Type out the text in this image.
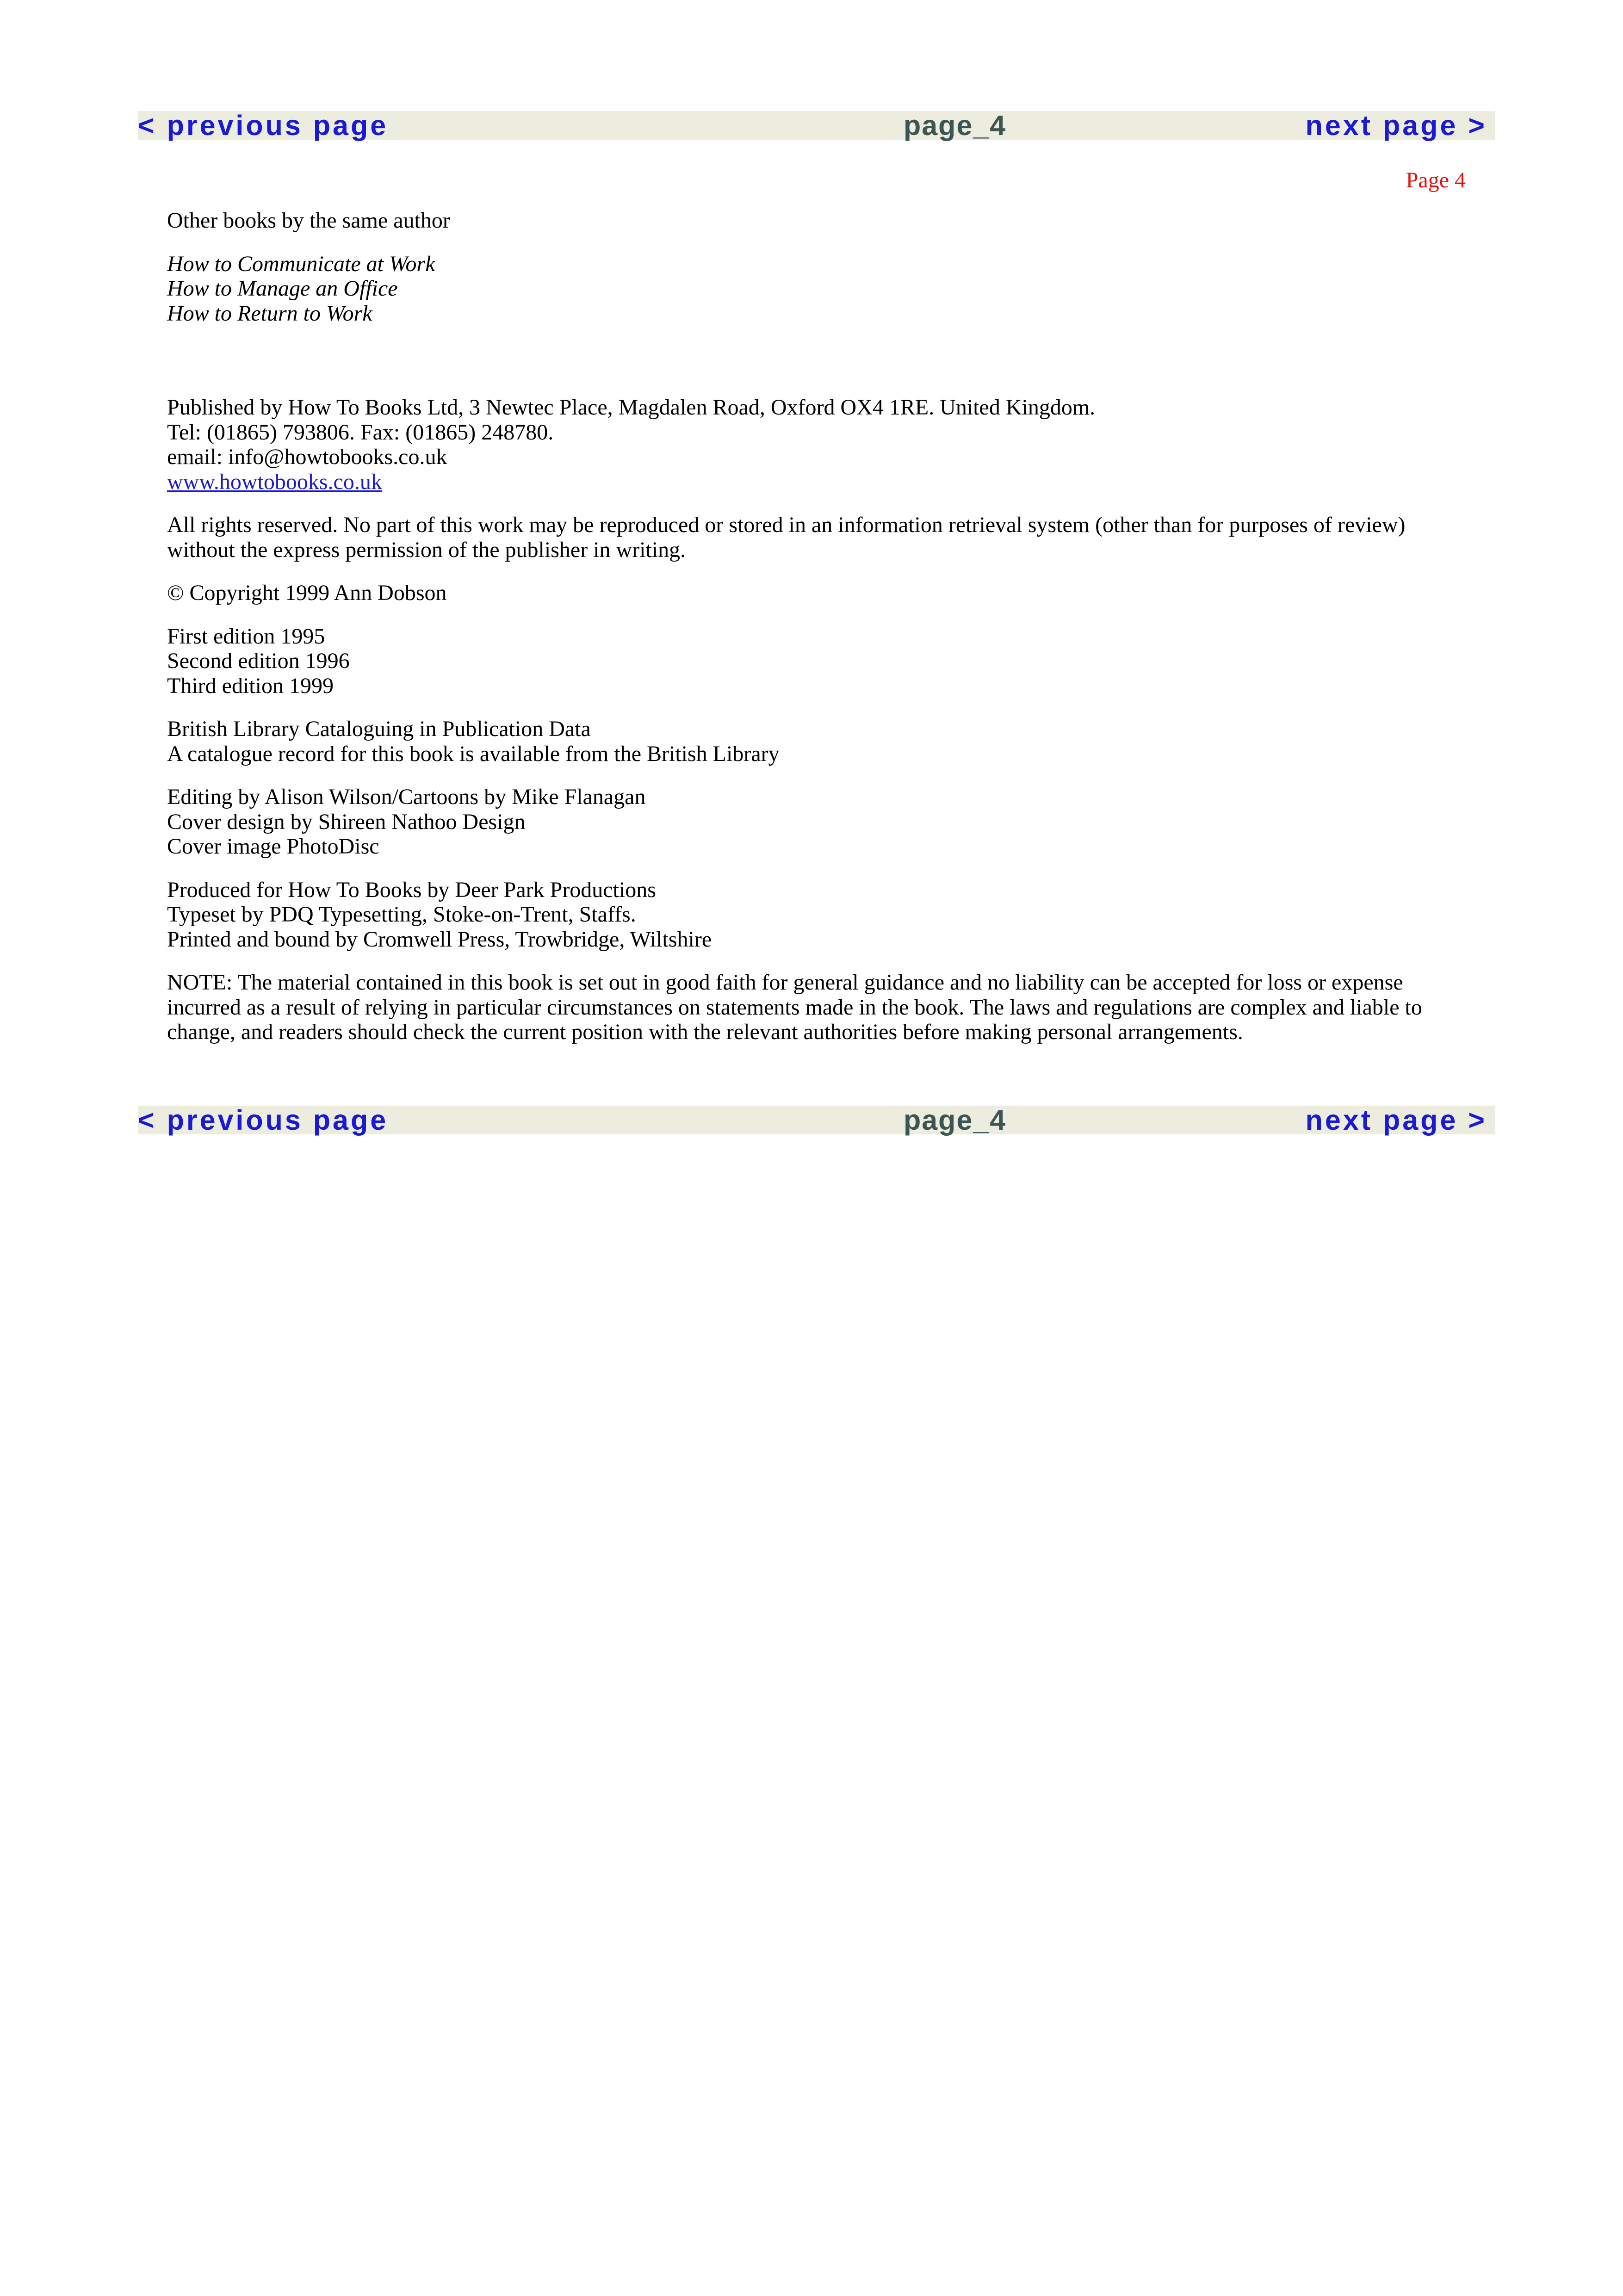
< previous page	page_4	next page >
Page 4

Other books by the same author

How to Communicate at Work
How to Manage an Office
How to Return to Work

Published by How To Books Ltd, 3 Newtec Place, Magdalen Road, Oxford OX4 1RE. United Kingdom.
Tel: (01865) 793806. Fax: (01865) 248780.
email: info@howtobooks.co.uk
www.howtobooks.co.uk

All rights reserved. No part of this work may be reproduced or stored in an information retrieval system (other than for purposes of review) without the express permission of the publisher in writing.

© Copyright 1999 Ann Dobson

First edition 1995
Second edition 1996
Third edition 1999

British Library Cataloguing in Publication Data
A catalogue record for this book is available from the British Library

Editing by Alison Wilson/Cartoons by Mike Flanagan
Cover design by Shireen Nathoo Design
Cover image PhotoDisc

Produced for How To Books by Deer Park Productions
Typeset by PDQ Typesetting, Stoke-on-Trent, Staffs.
Printed and bound by Cromwell Press, Trowbridge, Wiltshire

NOTE: The material contained in this book is set out in good faith for general guidance and no liability can be accepted for loss or expense incurred as a result of relying in particular circumstances on statements made in the book. The laws and regulations are complex and liable to change, and readers should check the current position with the relevant authorities before making personal arrangements.

< previous page	page_4	next page >
